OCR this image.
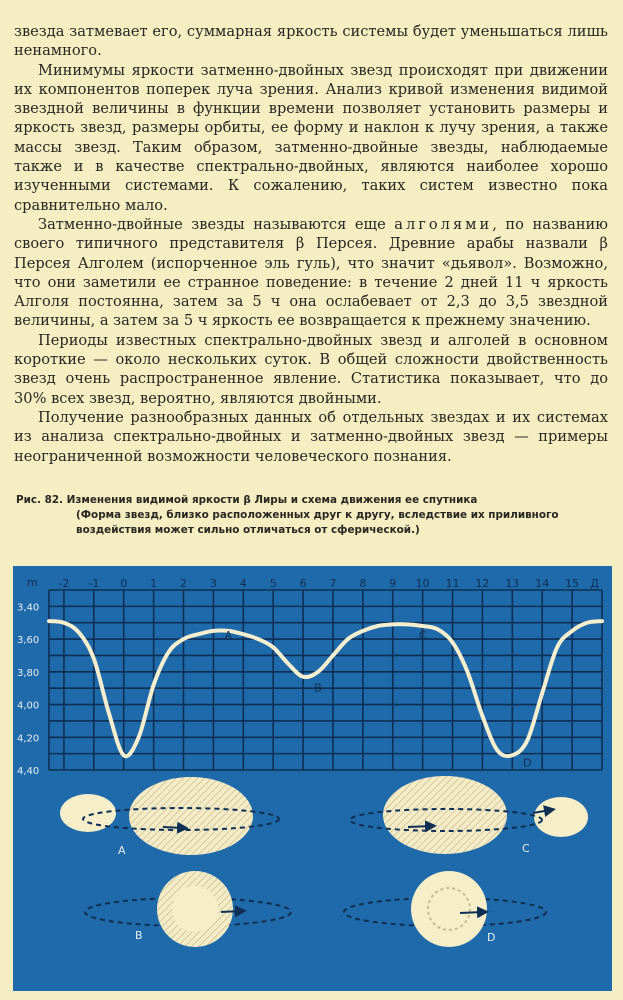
звезда затмевает его, суммарная яркость системы будет уменьшаться лишь ненамного.

Минимумы яркости затменно-двойных звезд происходят при движении их компонентов поперек луча зрения. Анализ кривой изменения видимой звездной величины в функции времени позволяет установить размеры и яркость звезд, размеры орбиты, ее форму и наклон к лучу зрения, а также массы звезд. Таким образом, затменно-двойные звезды, наблюдаемые также и в качестве спектрально-двойных, являются наиболее хорошо изученными системами. К сожалению, таких систем известно пока сравнительно мало.

Затменно-двойные звезды называются еще алголями, по названию своего типичного представителя β Персея. Древние арабы назвали β Персея Алголем (испорченное эль гуль), что значит «дьявол». Возможно, что они заметили ее странное поведение: в течение 2 дней 11 ч яркость Алголя постоянна, затем за 5 ч она ослабевает от 2,3 до 3,5 звездной величины, а затем за 5 ч яркость ее возвращается к прежнему значению.

Периоды известных спектрально-двойных звезд и алголей в основном короткие — около нескольких суток. В общей сложности двойственность звезд очень распространенное явление. Статистика показывает, что до 30% всех звезд, вероятно, являются двойными.

Получение разнообразных данных об отдельных звездах и их системах из анализа спектрально-двойных и затменно-двойных звезд — примеры неограниченной возможности человеческого познания.

Рис. 82. Изменения видимой яркости β Лиры и схема движения ее спутника
(Форма звезд, близко расположенных друг к другу, вследствие их приливного воздействия может сильно отличаться от сферической.)
-2 -1 0 1 2 3 4 5 6 7 8 9 10 11 12 13 14 15 Д
m
3,40
3,60
3,80
4,00
4,20
4,40
A
B
C
D
A	C
B	D
